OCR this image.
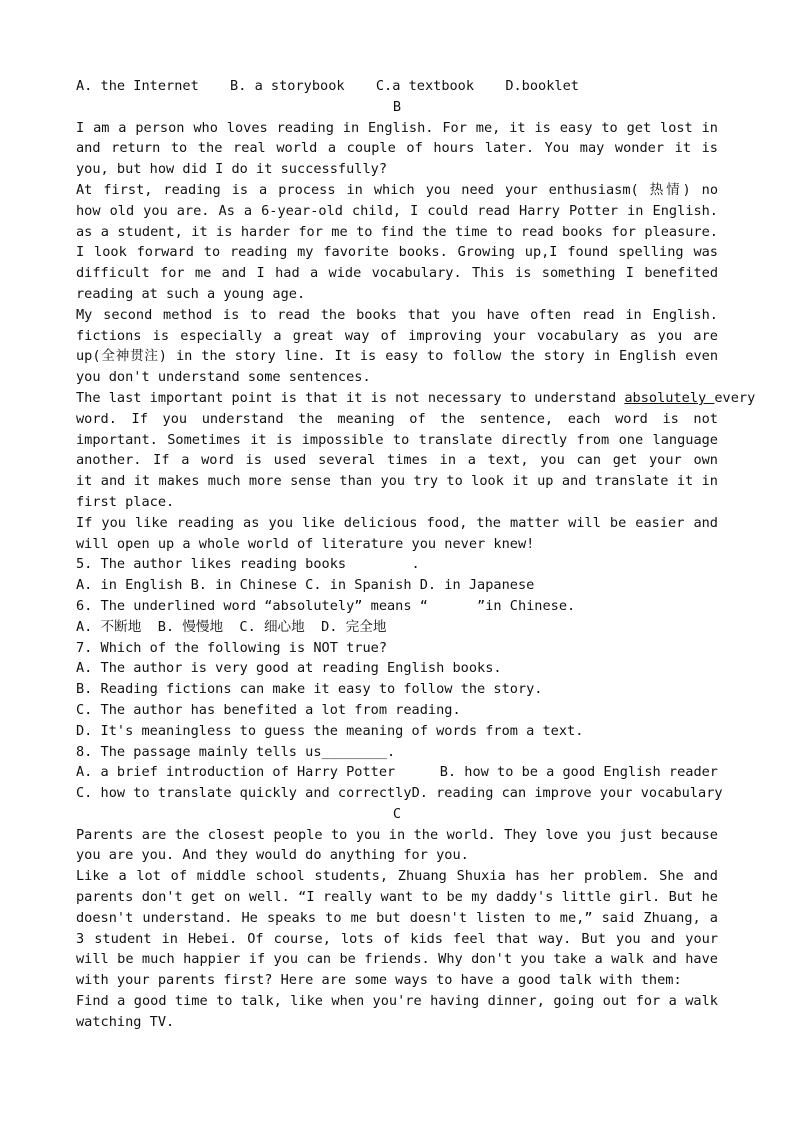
A. the Internet B. a storybook C.a textbook D.booklet
B
I am a person who loves reading in English. For me, it is easy to get lost in
and return to the real world a couple of hours later. You may wonder it is
you, but how did I do it successfully?
At first, reading is a process in which you need your enthusiasm( 热情) no
how old you are. As a 6-year-old child, I could read Harry Potter in English.
as a student, it is harder for me to find the time to read books for pleasure.
I look forward to reading my favorite books. Growing up,I found spelling was
difficult for me and I had a wide vocabulary. This is something I benefited
reading at such a young age.
My second method is to read the books that you have often read in English.
fictions is especially a great way of improving your vocabulary as you are
up(全神贯注) in the story line. It is easy to follow the story in English even
you don't understand some sentences.
The last important point is that it is not necessary to understand absolutely every
word. If you understand the meaning of the sentence, each word is not
important. Sometimes it is impossible to translate directly from one language
another. If a word is used several times in a text, you can get your own
it and it makes much more sense than you try to look it up and translate it in
first place.
If you like reading as you like delicious food, the matter will be easier and
will open up a whole world of literature you never knew!
5. The author likes reading books        .
A. in English B. in Chinese C. in Spanish D. in Japanese
6. The underlined word “absolutely” means “      ”in Chinese.
A. 不断地  B. 慢慢地  C. 细心地  D. 完全地
7. Which of the following is NOT true?
A. The author is very good at reading English books.
B. Reading fictions can make it easy to follow the story.
C. The author has benefited a lot from reading.
D. It's meaningless to guess the meaning of words from a text.
8. The passage mainly tells us________.
A. a brief introduction of Harry Potter	B. how to be a good English reader
C. how to translate quickly and correctly D. reading can improve your vocabulary
C
Parents are the closest people to you in the world. They love you just because
you are you. And they would do anything for you.
Like a lot of middle school students, Zhuang Shuxia has her problem. She and
parents don't get on well. “I really want to be my daddy's little girl. But he
doesn't understand. He speaks to me but doesn't listen to me,” said Zhuang, a
3 student in Hebei. Of course, lots of kids feel that way. But you and your
will be much happier if you can be friends. Why don't you take a walk and have
with your parents first? Here are some ways to have a good talk with them:
Find a good time to talk, like when you're having dinner, going out for a walk
watching TV.
